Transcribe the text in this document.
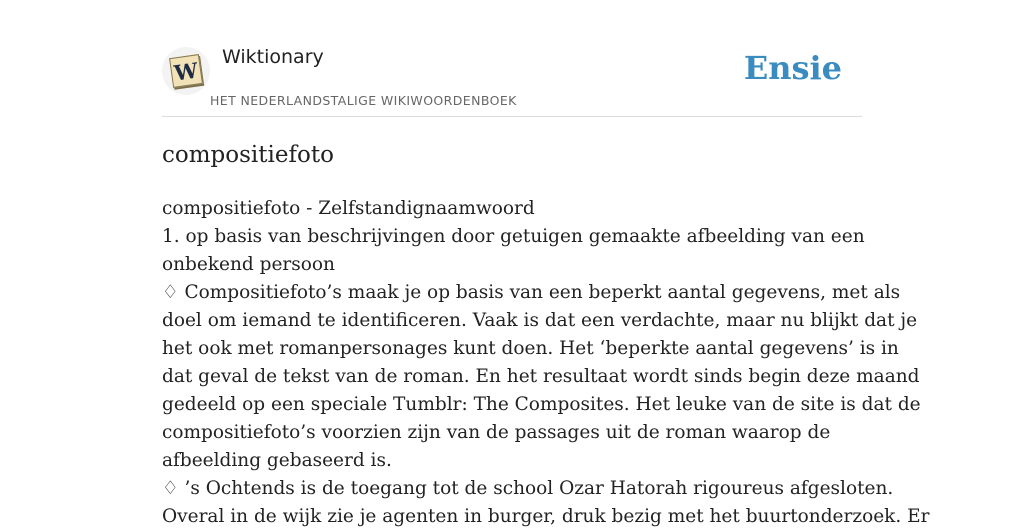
W Wiktionary
HET NEDERLANDSTALIGE WIKIWOORDENBOEK
Ensie
compositiefoto
compositiefoto - Zelfstandignaamwoord
1. op basis van beschrijvingen door getuigen gemaakte afbeelding van een
onbekend persoon
♢ Compositiefoto’s maak je op basis van een beperkt aantal gegevens, met als
doel om iemand te identificeren. Vaak is dat een verdachte, maar nu blijkt dat je
het ook met romanpersonages kunt doen. Het ‘beperkte aantal gegevens’ is in
dat geval de tekst van de roman. En het resultaat wordt sinds begin deze maand
gedeeld op een speciale Tumblr: The Composites. Het leuke van de site is dat de
compositiefoto’s voorzien zijn van de passages uit de roman waarop de
afbeelding gebaseerd is.
♢ ’s Ochtends is de toegang tot de school Ozar Hatorah rigoureus afgesloten.
Overal in de wijk zie je agenten in burger, druk bezig met het buurtonderzoek. Er
